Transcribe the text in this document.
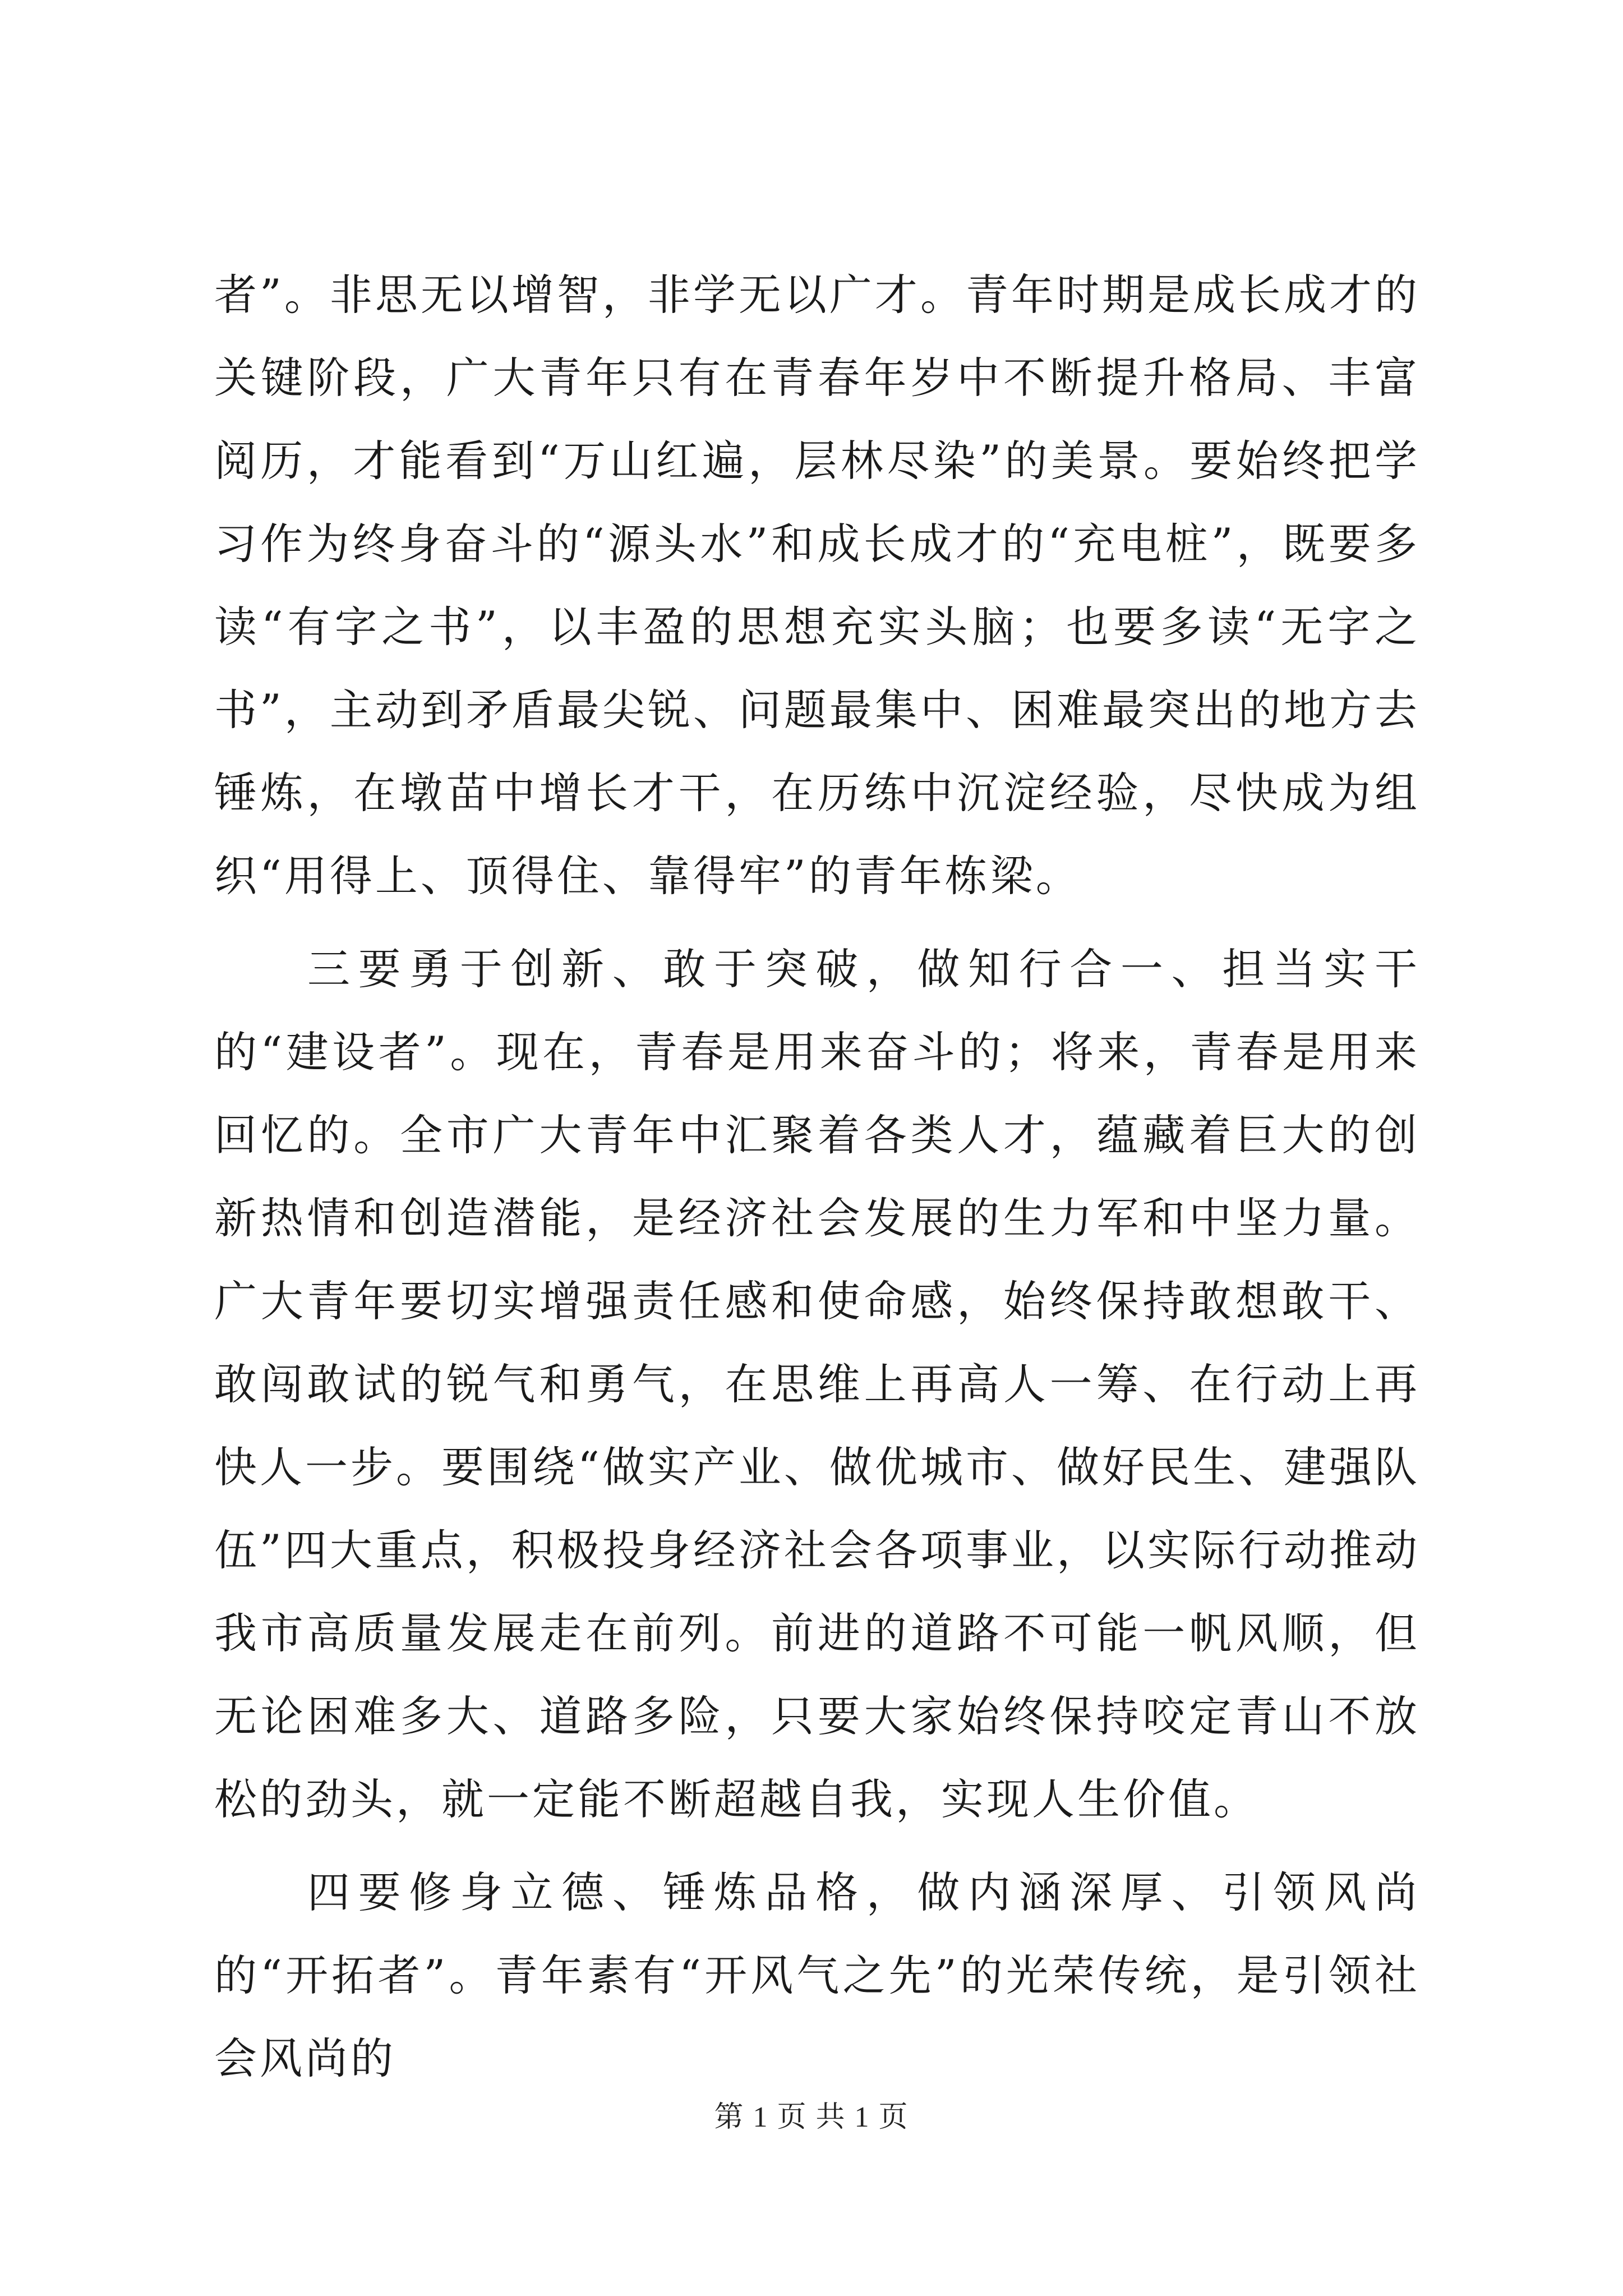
者”。非思无以增智，非学无以广才。青年时期是成长成才的关键阶段，广大青年只有在青春年岁中不断提升格局、丰富阅历，才能看到“万山红遍，层林尽染”的美景。要始终把学习作为终身奋斗的“源头水”和成长成才的“充电桩”，既要多读“有字之书”，以丰盈的思想充实头脑；也要多读“无字之书”，主动到矛盾最尖锐、问题最集中、困难最突出的地方去锤炼，在墩苗中增长才干，在历练中沉淀经验，尽快成为组织“用得上、顶得住、靠得牢”的青年栋梁。

三要勇于创新、敢于突破，做知行合一、担当实干的“建设者”。现在，青春是用来奋斗的；将来，青春是用来回忆的。全市广大青年中汇聚着各类人才，蕴藏着巨大的创新热情和创造潜能，是经济社会发展的生力军和中坚力量。广大青年要切实增强责任感和使命感，始终保持敢想敢干、敢闯敢试的锐气和勇气，在思维上再高人一筹、在行动上再快人一步。要围绕“做实产业、做优城市、做好民生、建强队伍”四大重点，积极投身经济社会各项事业，以实际行动推动我市高质量发展走在前列。前进的道路不可能一帆风顺，但无论困难多大、道路多险，只要大家始终保持咬定青山不放松的劲头，就一定能不断超越自我，实现人生价值。

四要修身立德、锤炼品格，做内涵深厚、引领风尚的“开拓者”。青年素有“开风气之先”的光荣传统，是引领社会风尚的

第 1 页 共 1 页
